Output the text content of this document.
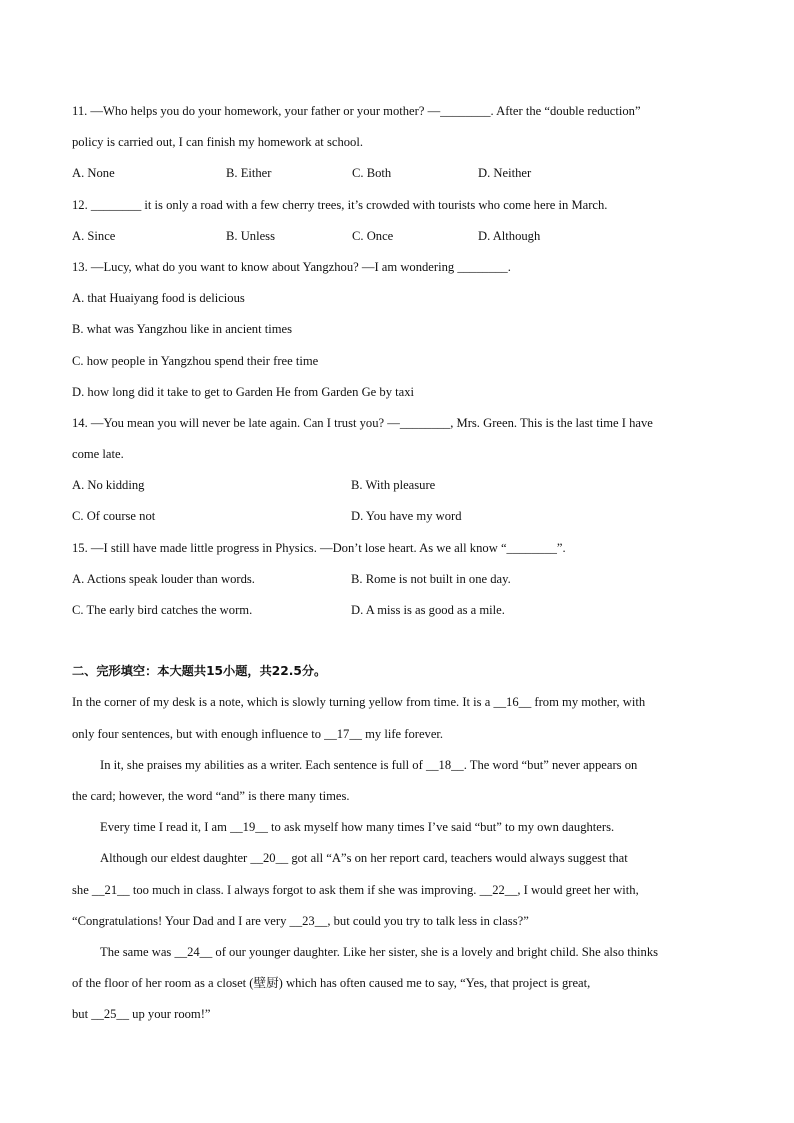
11. —Who helps you do your homework, your father or your mother? —________. After the “double reduction”
policy is carried out, I can finish my homework at school.
A. None	B. Either	C. Both	D. Neither
12. ________ it is only a road with a few cherry trees, it’s crowded with tourists who come here in March.
A. Since	B. Unless	C. Once	D. Although
13. —Lucy, what do you want to know about Yangzhou? —I am wondering ________.
A. that Huaiyang food is delicious
B. what was Yangzhou like in ancient times
C. how people in Yangzhou spend their free time
D. how long did it take to get to Garden He from Garden Ge by taxi
14. —You mean you will never be late again. Can I trust you? —________, Mrs. Green. This is the last time I have
come late.
A. No kidding	B. With pleasure
C. Of course not	D. You have my word
15. —I still have made little progress in Physics. —Don’t lose heart. As we all know “________”.
A. Actions speak louder than words.	B. Rome is not built in one day.
C. The early bird catches the worm.	D. A miss is as good as a mile.
二、完形填空：本大题共15小题，共22.5分。
In the corner of my desk is a note, which is slowly turning yellow from time. It is a __16__ from my mother, with
only four sentences, but with enough influence to __17__ my life forever.
In it, she praises my abilities as a writer. Each sentence is full of __18__. The word “but” never appears on
the card; however, the word “and” is there many times.
Every time I read it, I am __19__ to ask myself how many times I’ve said “but” to my own daughters.
Although our eldest daughter __20__ got all “A”s on her report card, teachers would always suggest that
she __21__ too much in class. I always forgot to ask them if she was improving. __22__, I would greet her with,
“Congratulations! Your Dad and I are very __23__, but could you try to talk less in class?”
The same was __24__ of our younger daughter. Like her sister, she is a lovely and bright child. She also thinks
of the floor of her room as a closet (壁厨) which has often caused me to say, “Yes, that project is great,
but __25__ up your room!”
